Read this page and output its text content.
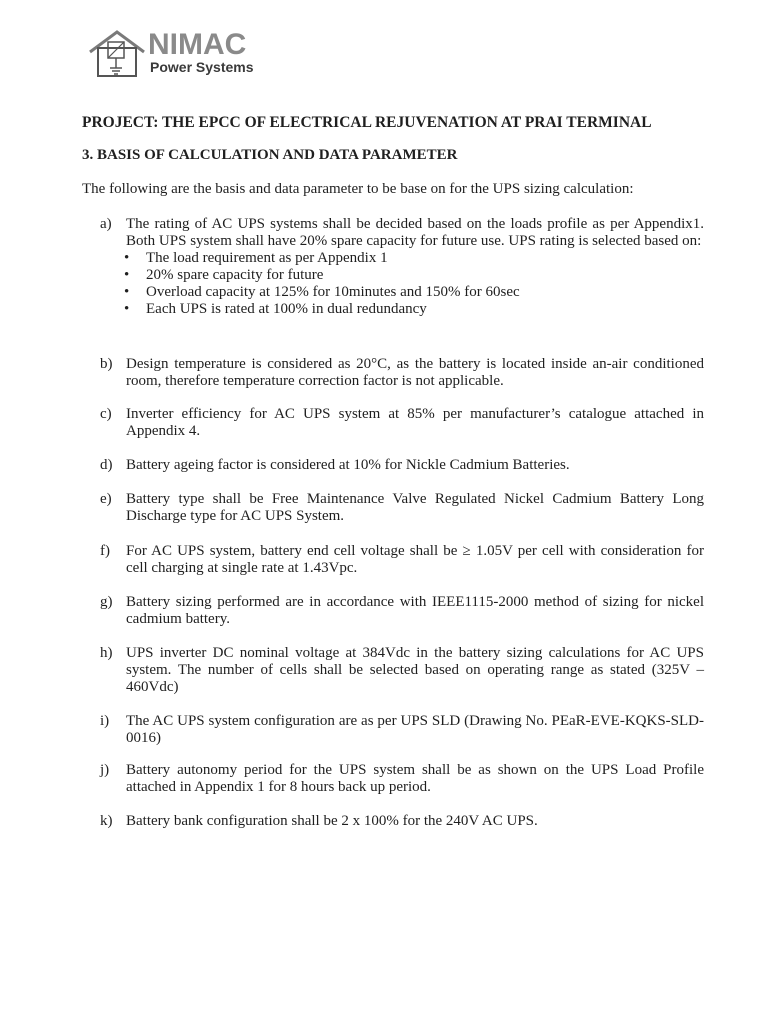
NIMAC
Power Systems
PROJECT: THE EPCC OF ELECTRICAL REJUVENATION AT PRAI TERMINAL
3. BASIS OF CALCULATION AND DATA PARAMETER
The following are the basis and data parameter to be base on for the UPS sizing calculation:
a) The rating of AC UPS systems shall be decided based on the loads profile as per Appendix1. Both UPS system shall have 20% spare capacity for future use. UPS rating is selected based on:
• The load requirement as per Appendix 1
• 20% spare capacity for future
• Overload capacity at 125% for 10minutes and 150% for 60sec
• Each UPS is rated at 100% in dual redundancy
b) Design temperature is considered as 20°C, as the battery is located inside an-air conditioned room, therefore temperature correction factor is not applicable.
c) Inverter efficiency for AC UPS system at 85% per manufacturer’s catalogue attached in Appendix 4.
d) Battery ageing factor is considered at 10% for Nickle Cadmium Batteries.
e) Battery type shall be Free Maintenance Valve Regulated Nickel Cadmium Battery Long Discharge type for AC UPS System.
f) For AC UPS system, battery end cell voltage shall be ≥ 1.05V per cell with consideration for cell charging at single rate at 1.43Vpc.
g) Battery sizing performed are in accordance with IEEE1115-2000 method of sizing for nickel cadmium battery.
h) UPS inverter DC nominal voltage at 384Vdc in the battery sizing calculations for AC UPS system. The number of cells shall be selected based on operating range as stated (325V – 460Vdc)
i) The AC UPS system configuration are as per UPS SLD (Drawing No. PEaR-EVE-KQKS-SLD-0016)
j) Battery autonomy period for the UPS system shall be as shown on the UPS Load Profile attached in Appendix 1 for 8 hours back up period.
k) Battery bank configuration shall be 2 x 100% for the 240V AC UPS.
